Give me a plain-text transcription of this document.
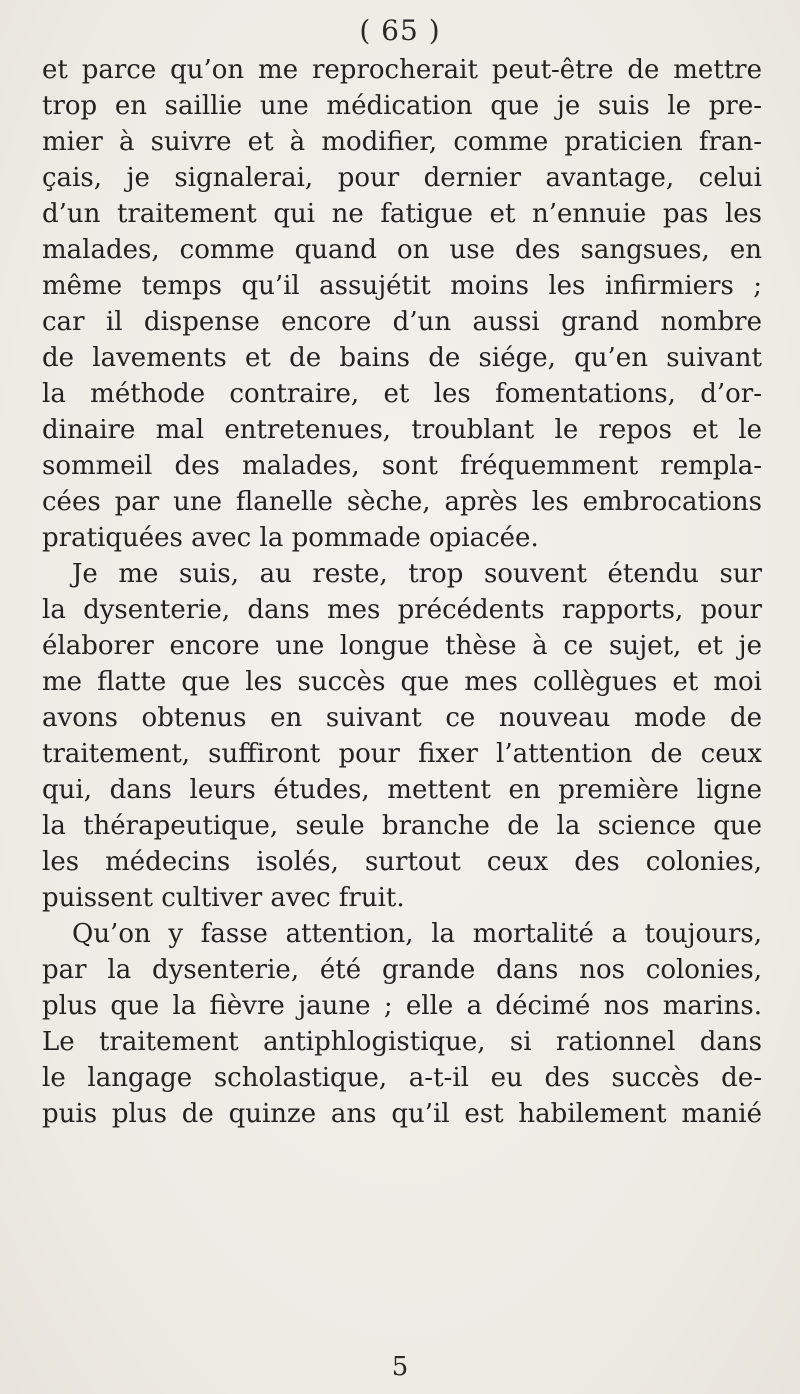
( 65 )
et parce qu’on me reprocherait peut-être de mettre
trop en saillie une médication que je suis le pre-
mier à suivre et à modifier, comme praticien fran-
çais, je signalerai, pour dernier avantage, celui
d’un traitement qui ne fatigue et n’ennuie pas les
malades, comme quand on use des sangsues, en
même temps qu’il assujétit moins les infirmiers ;
car il dispense encore d’un aussi grand nombre
de lavements et de bains de siége, qu’en suivant
la méthode contraire, et les fomentations, d’or-
dinaire mal entretenues, troublant le repos et le
sommeil des malades, sont fréquemment rempla-
cées par une flanelle sèche, après les embrocations
pratiquées avec la pommade opiacée.
Je me suis, au reste, trop souvent étendu sur
la dysenterie, dans mes précédents rapports, pour
élaborer encore une longue thèse à ce sujet, et je
me flatte que les succès que mes collègues et moi
avons obtenus en suivant ce nouveau mode de
traitement, suffiront pour fixer l’attention de ceux
qui, dans leurs études, mettent en première ligne
la thérapeutique, seule branche de la science que
les médecins isolés, surtout ceux des colonies,
puissent cultiver avec fruit.
Qu’on y fasse attention, la mortalité a toujours,
par la dysenterie, été grande dans nos colonies,
plus que la fièvre jaune ; elle a décimé nos marins.
Le traitement antiphlogistique, si rationnel dans
le langage scholastique, a-t-il eu des succès de-
puis plus de quinze ans qu’il est habilement manié
5
